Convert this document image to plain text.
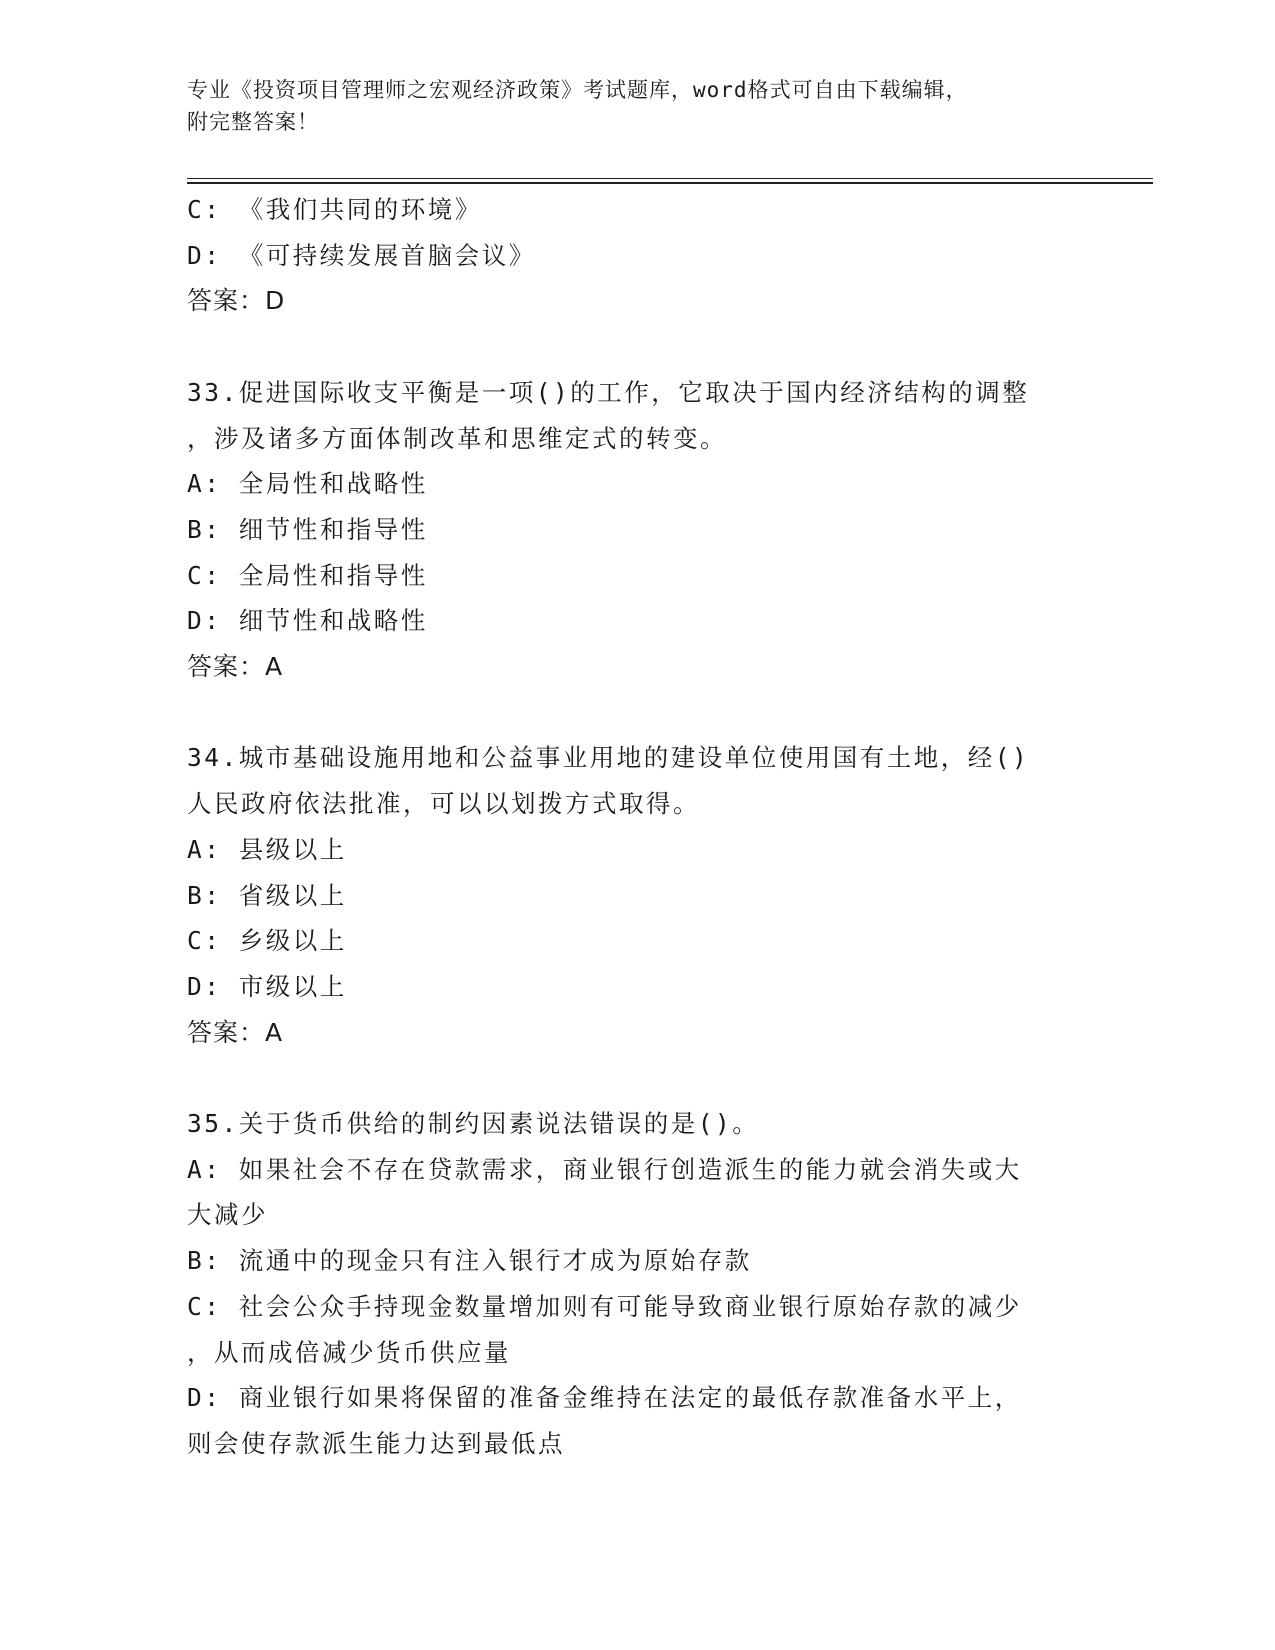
专业《投资项目管理师之宏观经济政策》考试题库，word格式可自由下载编辑，
附完整答案！
C: 《我们共同的环境》
D: 《可持续发展首脑会议》
答案：D
33.促进国际收支平衡是一项()的工作，它取决于国内经济结构的调整
，涉及诸多方面体制改革和思维定式的转变。
A: 全局性和战略性
B: 细节性和指导性
C: 全局性和指导性
D: 细节性和战略性
答案：A
34.城市基础设施用地和公益事业用地的建设单位使用国有土地，经()
人民政府依法批准，可以以划拨方式取得。
A: 县级以上
B: 省级以上
C: 乡级以上
D: 市级以上
答案：A
35.关于货币供给的制约因素说法错误的是()。
A: 如果社会不存在贷款需求，商业银行创造派生的能力就会消失或大
大减少
B: 流通中的现金只有注入银行才成为原始存款
C: 社会公众手持现金数量增加则有可能导致商业银行原始存款的减少
，从而成倍减少货币供应量
D: 商业银行如果将保留的准备金维持在法定的最低存款准备水平上，
则会使存款派生能力达到最低点
